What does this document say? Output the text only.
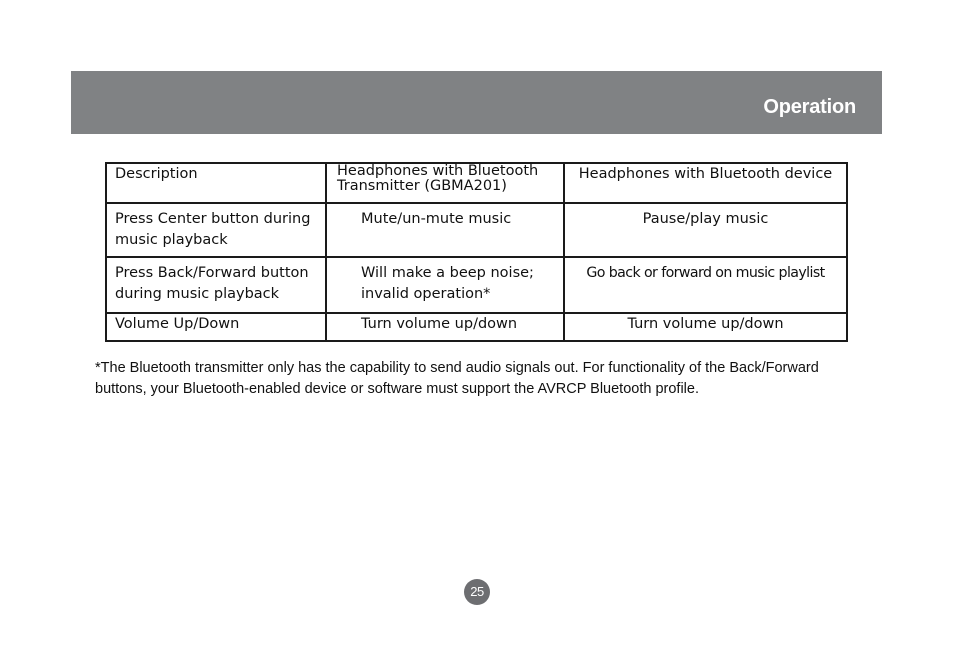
Operation
Description	Headphones with Bluetooth Transmitter (GBMA201)	Headphones with Bluetooth device

Press Center button during music playback	Mute/un-mute music	Pause/play music

Press Back/Forward button during music playback	Will make a beep noise; invalid operation*	Go back or forward on music playlist

Volume Up/Down	Turn volume up/down	Turn volume up/down

*The Bluetooth transmitter only has the capability to send audio signals out. For functionality of the Back/Forward buttons, your Bluetooth-enabled device or software must support the AVRCP Bluetooth profile.

25
